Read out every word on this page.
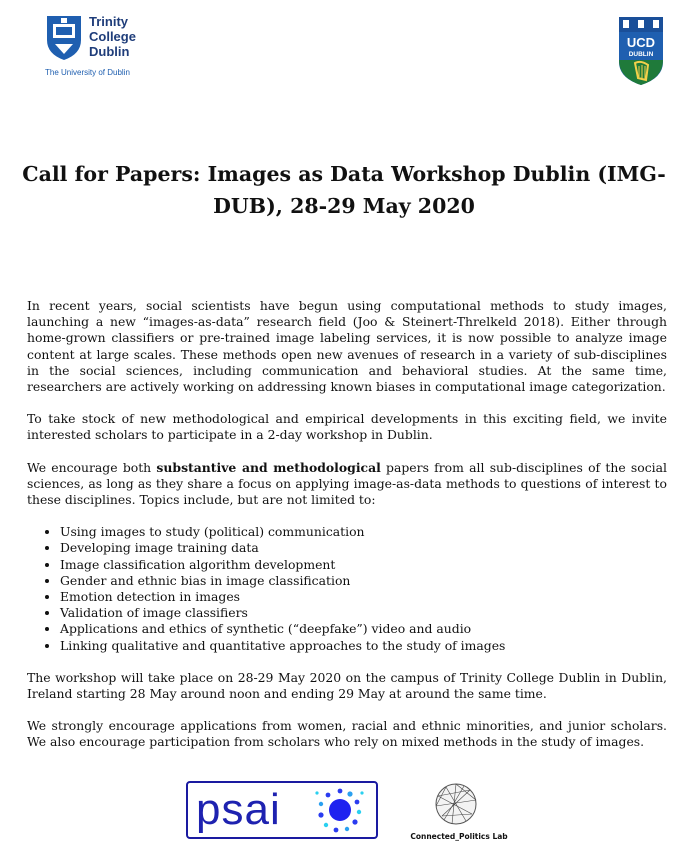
Trinity
College
Dublin
The University of Dublin
UCD
DUBLIN
Call for Papers: Images as Data Workshop Dublin (IMG-DUB), 28-29 May 2020

In recent years, social scientists have begun using computational methods to study images, launching a new “images-as-data” research field (Joo & Steinert-Threlkeld 2018). Either through home-grown classifiers or pre-trained image labeling services, it is now possible to analyze image content at large scales. These methods open new avenues of research in a variety of sub-disciplines in the social sciences, including communication and behavioral studies. At the same time, researchers are actively working on addressing known biases in computational image categorization.

To take stock of new methodological and empirical developments in this exciting field, we invite interested scholars to participate in a 2-day workshop in Dublin.

We encourage both substantive and methodological papers from all sub-disciplines of the social sciences, as long as they share a focus on applying image-as-data methods to questions of interest to these disciplines. Topics include, but are not limited to:

• Using images to study (political) communication
• Developing image training data
• Image classification algorithm development
• Gender and ethnic bias in image classification
• Emotion detection in images
• Validation of image classifiers
• Applications and ethics of synthetic (“deepfake”) video and audio
• Linking qualitative and quantitative approaches to the study of images

The workshop will take place on 28-29 May 2020 on the campus of Trinity College Dublin in Dublin, Ireland starting 28 May around noon and ending 29 May at around the same time.

We strongly encourage applications from women, racial and ethnic minorities, and junior scholars. We also encourage participation from scholars who rely on mixed methods in the study of images.

psai
Connected_Politics Lab
